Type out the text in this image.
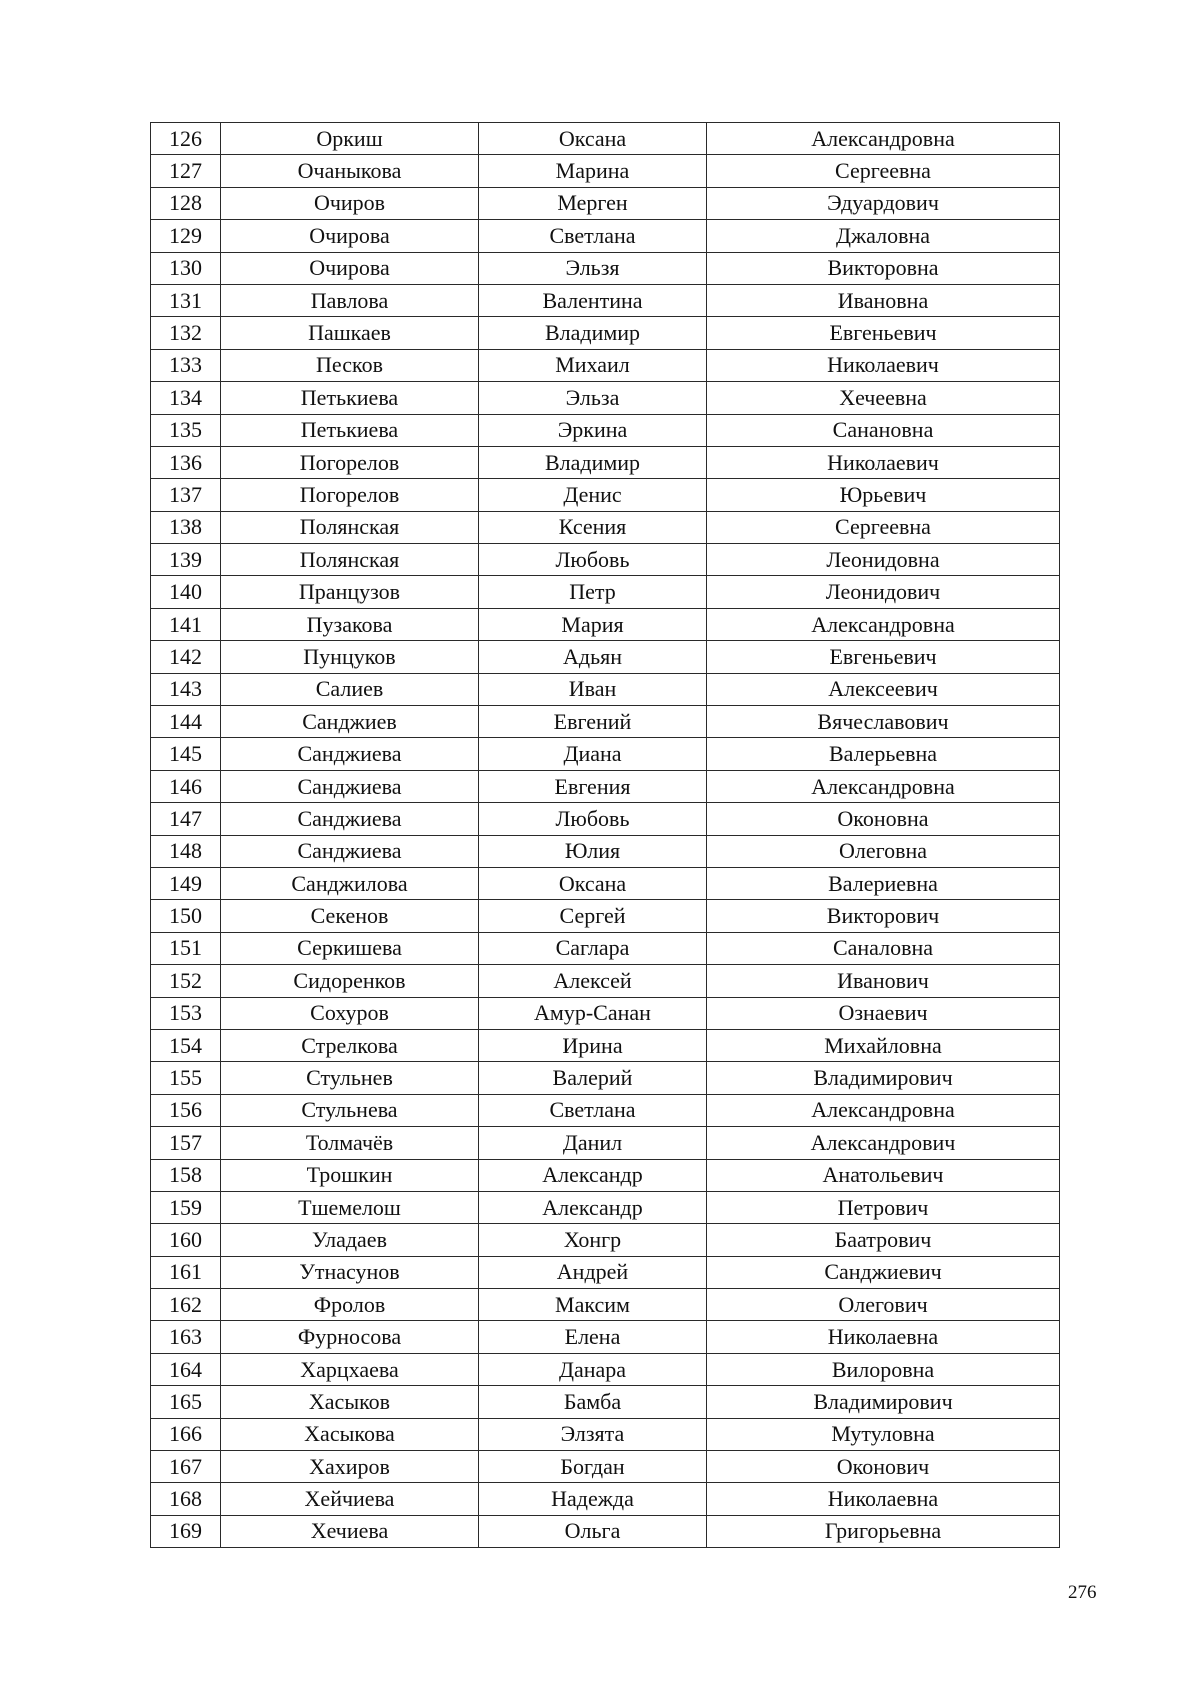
126	Оркиш	Оксана	Александровна
127	Очаныкова	Марина	Сергеевна
128	Очиров	Мерген	Эдуардович
129	Очирова	Светлана	Джаловна
130	Очирова	Эльзя	Викторовна
131	Павлова	Валентина	Ивановна
132	Пашкаев	Владимир	Евгеньевич
133	Песков	Михаил	Николаевич
134	Петькиева	Эльза	Хечеевна
135	Петькиева	Эркина	Санановна
136	Погорелов	Владимир	Николаевич
137	Погорелов	Денис	Юрьевич
138	Полянская	Ксения	Сергеевна
139	Полянская	Любовь	Леонидовна
140	Пранцузов	Петр	Леонидович
141	Пузакова	Мария	Александровна
142	Пунцуков	Адьян	Евгеньевич
143	Салиев	Иван	Алексеевич
144	Санджиев	Евгений	Вячеславович
145	Санджиева	Диана	Валерьевна
146	Санджиева	Евгения	Александровна
147	Санджиева	Любовь	Оконовна
148	Санджиева	Юлия	Олеговна
149	Санджилова	Оксана	Валериевна
150	Секенов	Сергей	Викторович
151	Серкишева	Саглара	Саналовна
152	Сидоренков	Алексей	Иванович
153	Сохуров	Амур-Санан	Ознаевич
154	Стрелкова	Ирина	Михайловна
155	Стульнев	Валерий	Владимирович
156	Стульнева	Светлана	Александровна
157	Толмачёв	Данил	Александрович
158	Трошкин	Александр	Анатольевич
159	Тшемелош	Александр	Петрович
160	Уладаев	Хонгр	Баатрович
161	Утнасунов	Андрей	Санджиевич
162	Фролов	Максим	Олегович
163	Фурносова	Елена	Николаевна
164	Харцхаева	Данара	Вилоровна
165	Хасыков	Бамба	Владимирович
166	Хасыкова	Элзята	Мутуловна
167	Хахиров	Богдан	Оконович
168	Хейчиева	Надежда	Николаевна
169	Хечиева	Ольга	Григорьевна
276
